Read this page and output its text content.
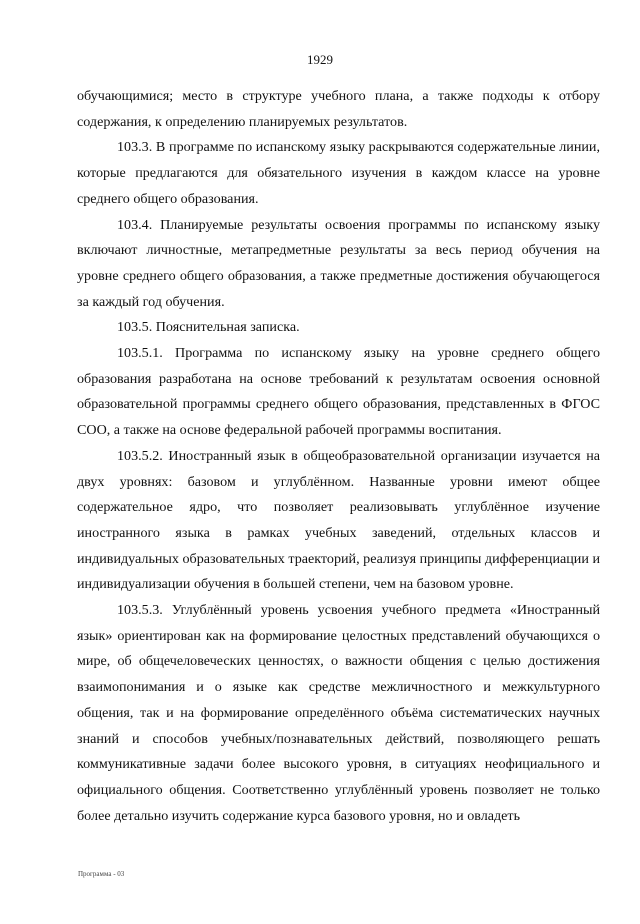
1929

обучающимися; место в структуре учебного плана, а также подходы к отбору содержания, к определению планируемых результатов.

103.3. В программе по испанскому языку раскрываются содержательные линии, которые предлагаются для обязательного изучения в каждом классе на уровне среднего общего образования.

103.4. Планируемые результаты освоения программы по испанскому языку включают личностные, метапредметные результаты за весь период обучения на уровне среднего общего образования, а также предметные достижения обучающегося за каждый год обучения.

103.5. Пояснительная записка.

103.5.1. Программа по испанскому языку на уровне среднего общего образования разработана на основе требований к результатам освоения основной образовательной программы среднего общего образования, представленных в ФГОС СОО, а также на основе федеральной рабочей программы воспитания.

103.5.2. Иностранный язык в общеобразовательной организации изучается на двух уровнях: базовом и углублённом. Названные уровни имеют общее содержательное ядро, что позволяет реализовывать углублённое изучение иностранного языка в рамках учебных заведений, отдельных классов и индивидуальных образовательных траекторий, реализуя принципы дифференциации и индивидуализации обучения в большей степени, чем на базовом уровне.

103.5.3. Углублённый уровень усвоения учебного предмета «Иностранный язык» ориентирован как на формирование целостных представлений обучающихся о мире, об общечеловеческих ценностях, о важности общения с целью достижения взаимопонимания и о языке как средстве межличностного и межкультурного общения, так и на формирование определённого объёма систематических научных знаний и способов учебных/познавательных действий, позволяющего решать коммуникативные задачи более высокого уровня, в ситуациях неофициального и официального общения. Соответственно углублённый уровень позволяет не только более детально изучить содержание курса базового уровня, но и овладеть

Программа - 03
